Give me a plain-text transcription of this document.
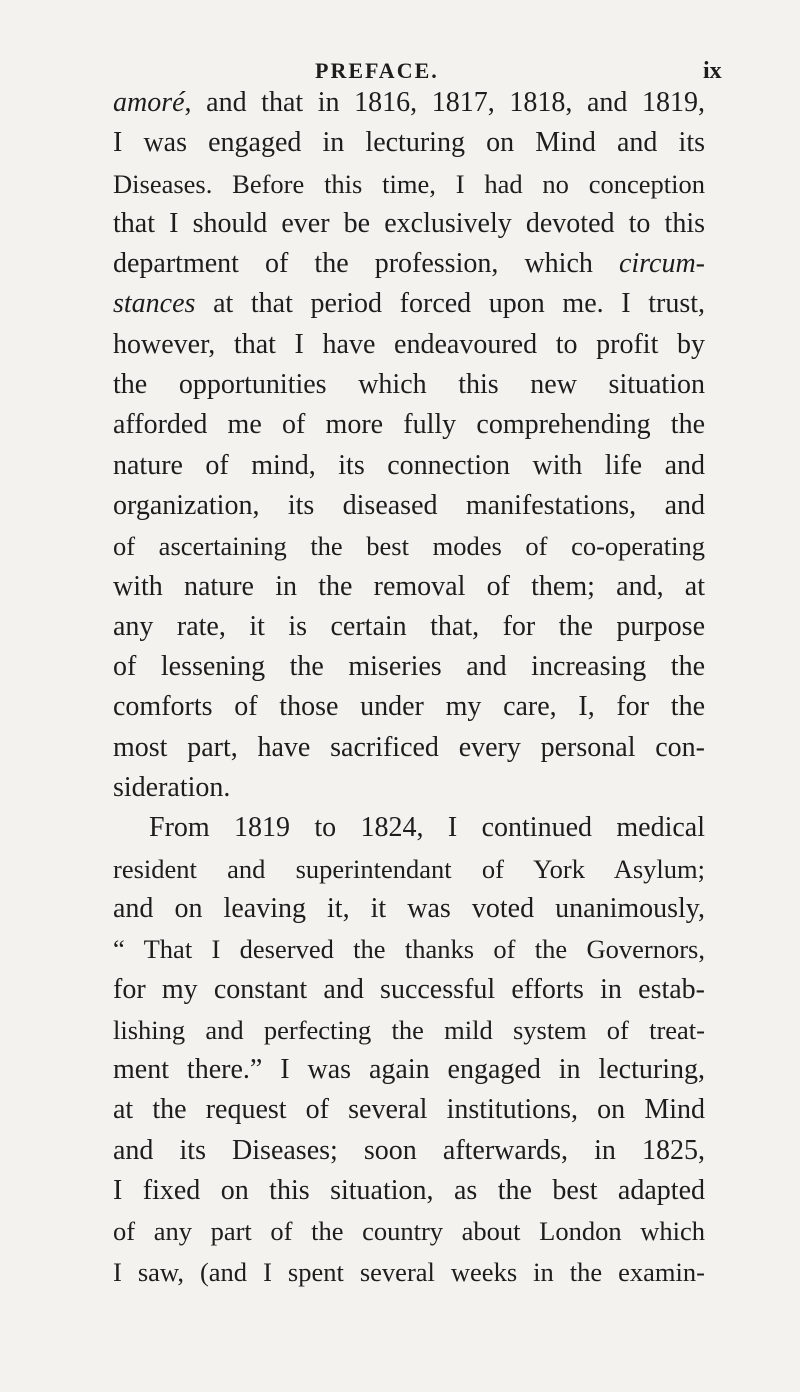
PREFACE.	ix
amoré, and that in 1816, 1817, 1818, and 1819,
I was engaged in lecturing on Mind and its
Diseases. Before this time, I had no conception
that I should ever be exclusively devoted to this
department of the profession, which circum-
stances at that period forced upon me. I trust,
however, that I have endeavoured to profit by
the opportunities which this new situation
afforded me of more fully comprehending the
nature of mind, its connection with life and
organization, its diseased manifestations, and
of ascertaining the best modes of co-operating
with nature in the removal of them; and, at
any rate, it is certain that, for the purpose
of lessening the miseries and increasing the
comforts of those under my care, I, for the
most part, have sacrificed every personal con-
sideration.
From 1819 to 1824, I continued medical
resident and superintendant of York Asylum;
and on leaving it, it was voted unanimously,
“ That I deserved the thanks of the Governors,
for my constant and successful efforts in estab-
lishing and perfecting the mild system of treat-
ment there.” I was again engaged in lecturing,
at the request of several institutions, on Mind
and its Diseases; soon afterwards, in 1825,
I fixed on this situation, as the best adapted
of any part of the country about London which
I saw, (and I spent several weeks in the examin-
